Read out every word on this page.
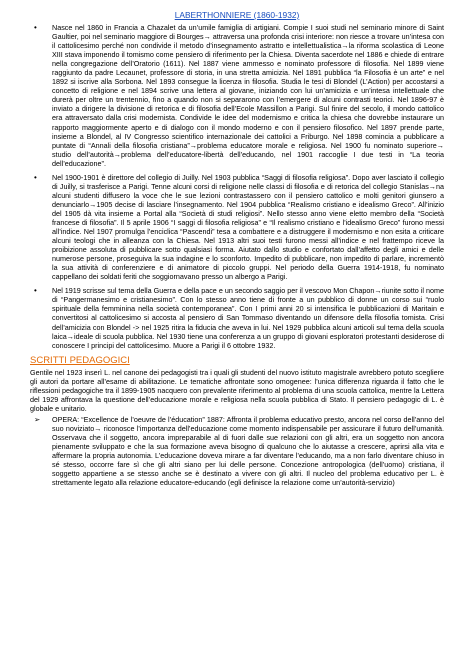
LABERTHONNIERE (1860-1932)
• Nasce nel 1860 in Francia a Chazalet da un’umile famiglia di artigiani. Compie I suoi studi nel seminario minore di Saint Gaultier, poi nel seminario maggiore di Bourges→ attraversa una profonda crisi interiore: non riesce a trovare un’intesa con il cattolicesimo perché non condivide il metodo d’insegnamento astratto e intellettualistica→la riforma scolastica di Leone XIII stava imponendo il tomismo come pensiero di riferimento per la Chiesa. Diventa sacerdote nel 1886 e chiede di entrare nella congregazione dell’Oratorio (1611). Nel 1887 viene ammesso e nominato professore di filosofia. Nel 1899 viene raggiunto da padre Lecaunet, professore di storia, in una stretta amicizia. Nel 1891 pubblica “la Filosofia è un arte” e nel 1892 si iscrive alla Sorbona. Nel 1893 consegue la licenza in filosofia. Studia le tesi di Blondel (L’Action) per accostarsi a concetto di religione e nel 1894 scrive una lettera al giovane, iniziando con lui un’amicizia e un’intesa intellettuale che durerà per oltre un trentennio, fino a quando non si separarono con l’emergere di alcuni contrasti teorici. Nel 1896-97 è inviato a dirigere la divisione di retorica e di filosofia dell’Ecole Massillon a Parigi. Sul finire del secolo, il mondo cattolico era attraversato dalla crisi modernista. Condivide le idee del modernismo e critica la chiesa che dovrebbe instaurare un rapporto maggiormente aperto e di dialogo con il mondo moderno e con il pensiero filosofico. Nel 1897 prende parte, insieme a Blondel, al IV Congresso scientifico internazionale dei cattolici a Friburgo. Nel 1898 comincia a pubblicare a puntate di “Annali della filosofia cristiana”→problema educatore morale e religiosa. Nel 1900 fu nominato superiore→ studio dell’autorità→problema dell’educatore-libertà dell’educando, nel 1901 raccoglie I due testi in “La teoria dell’educazione”.
• Nel 1900-1901 è direttore del collegio di Juilly. Nel 1903 pubblica “Saggi di filosofia religiosa”. Dopo aver lasciato il collegio di Juilly, si trasferisce a Parigi. Tenne alcuni corsi di religione nelle classi di filosofia e di retorica del collegio Stanislas→na alcuni studenti diffusero la voce che le sue lezioni contrastassero con il pensiero cattolico e molti genitori giunsero a denunciarlo→1905 decise di lasciare l’insegnamento. Nel 1904 pubblica “Realismo cristiano e idealismo Greco”. All’inizio del 1905 dà vita insieme a Portal alla “Società di studi religiosi”. Nello stesso anno viene eletto membro della “Società francese di filosofia”. Il 5 aprile 1906 “I saggi di filosofia religiosa” e “Il realismo cristiano e l’idealismo Greco” furono messi all’indice. Nel 1907 promulga l’enciclica “Pascendi” tesa a combattere e a distruggere il modernismo e non esita a criticare alcuni teologi che in alleanza con la Chiesa. Nel 1913 altri suoi testi furono messi all’indice e nel frattempo riceve la proibizione assoluta di pubblicare sotto qualsiasi forma. Aiutato dallo studio e confortato dall’affetto degli amici e delle numerose persone, proseguiva la sua indagine e lo sconforto. Impedito di pubblicare, non impedito di parlare, incrementò la sua attività di conferenziere e di animatore di piccolo gruppi. Nel periodo della Guerra 1914-1918, fu nominato cappellano dei soldati feriti che soggiornavano presso un albergo a Parigi.
• Nel 1919 scrisse sul tema della Guerra e della pace e un secondo saggio per il vescovo Mon Chapon→riunite sotto il nome di “Pangermanesimo e cristianesimo”. Con lo stesso anno tiene di fronte a un pubblico di donne un corso sui “ruolo spirituale della femminina nella società contemporanea”. Con I primi anni 20 si intensifica le pubblicazioni di Maritain e convertitosi al cattolicesimo si accosta al pensiero di San Tommaso diventando un difensore della filosofia tomista. Crisi dell’amicizia con Blondel -> nel 1925 ritira la fiducia che aveva in lui. Nel 1929 pubblica alcuni articoli sul tema della scuola laica→ideale di scuola pubblica. Nel 1930 tiene una conferenza a un gruppo di giovani esploratori protestanti desiderose di conoscere I principi del cattolicesimo. Muore a Parigi il 6 ottobre 1932.
SCRITTI PEDAGOGICI
Gentile nel 1923 inserì L. nel canone dei pedagogisti tra i quali gli studenti del nuovo istituto magistrale avrebbero potuto scegliere gli autori da portare all’esame di abilitazione. Le tematiche affrontate sono omogenee: l’unica differenza riguarda il fatto che le riflessioni pedagogiche tra il 1899-1905 nacquero con prevalente riferimento al problema di una scuola cattolica, mentre la Lettera del 1929 affrontava la questione dell’educazione morale e religiosa nella scuola pubblica di Stato. Il pensiero pedagogic di L. è globale e unitario.
➢ OPERA: “Excellence de l’oeuvre de l’éducation” 1887: Affronta il problema educativo presto, ancora nel corso dell’anno del suo noviziato→ riconosce l’importanza dell’educazione come momento indispensabile per assicurare il futuro dell’umanità. Osservava che il soggetto, ancora impreparabile al di fuori dalle sue relazioni con gli altri, era un soggetto non ancora pienamente sviluppato e che la sua formazione aveva bisogno di qualcuno che lo aiutasse a crescere, aprirsi alla vita e affermare la propria autonomia. L’educazione doveva mirare a far diventare l’educando, ma a non farlo diventare chiuso in sé stesso, occorre fare sì che gli altri siano per lui delle persone. Concezione antropologica (dell’uomo) cristiana, il soggetto appartiene a se stesso anche se è destinato a vivere con gli altri. Il nucleo del problema educativo per L. è strettamente legato alla relazione educatore-educando (egli definisce la relazione come un’autorità-servizio)
